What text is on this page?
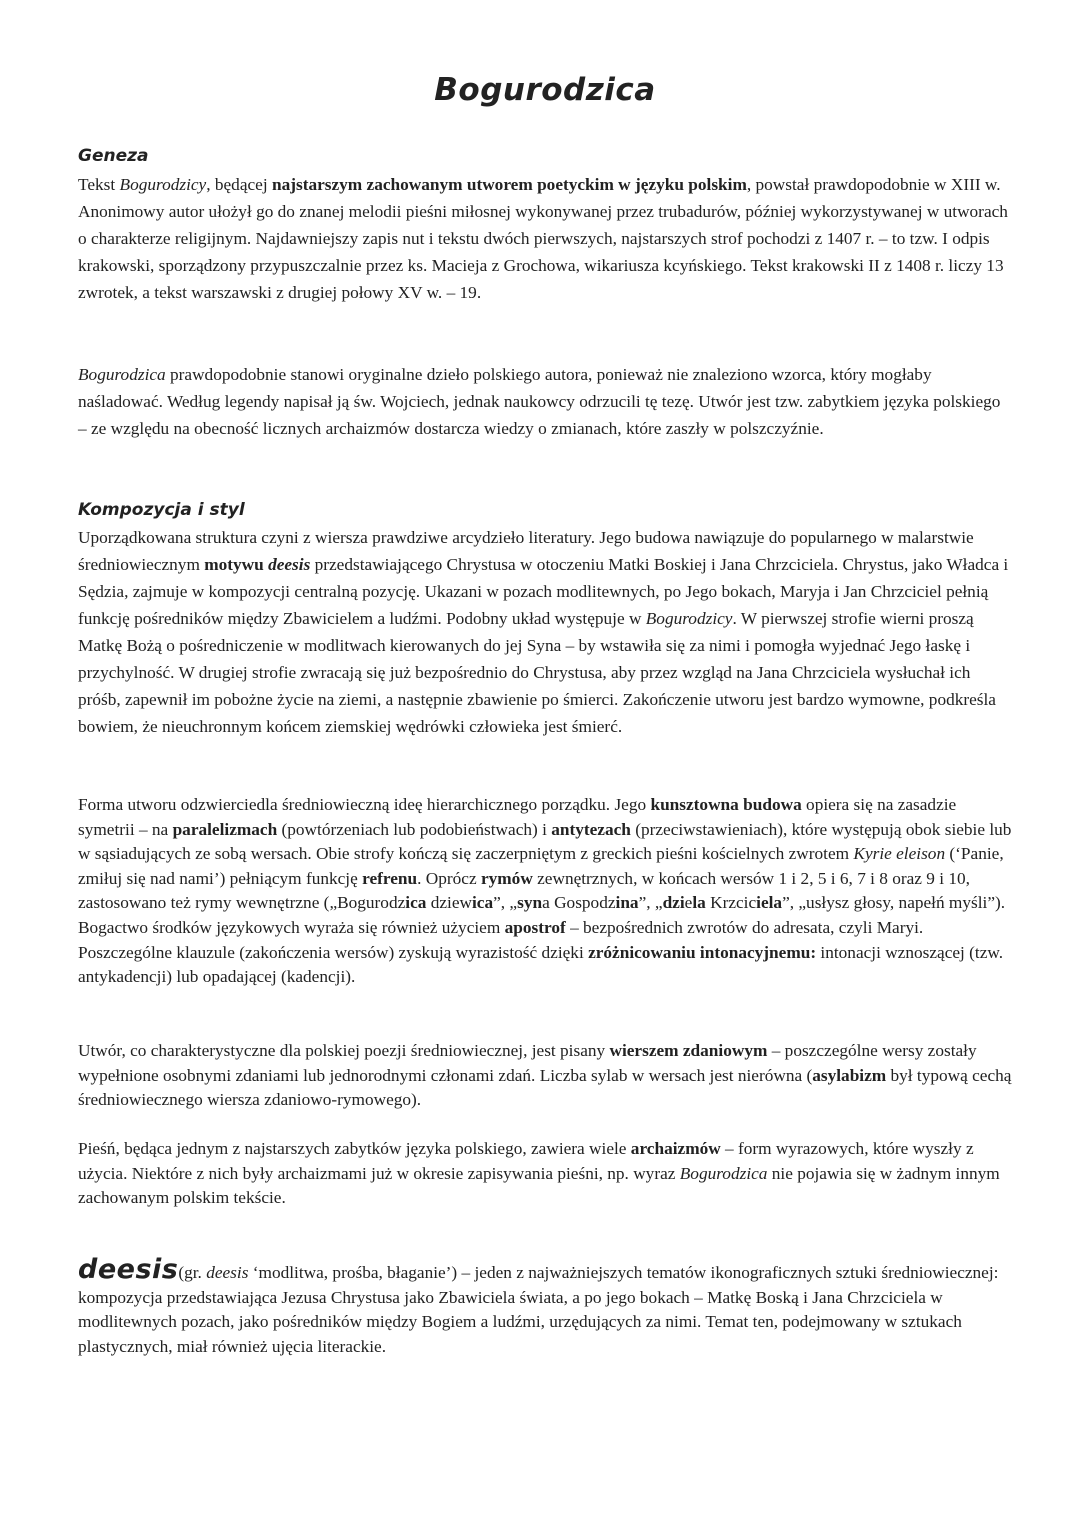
Bogurodzica
Geneza

Tekst Bogurodzicy, będącej najstarszym zachowanym utworem poetyckim w języku polskim, powstał prawdopodobnie w XIII w. Anonimowy autor ułożył go do znanej melodii pieśni miłosnej wykonywanej przez trubadurów, później wykorzystywanej w utworach o charakterze religijnym. Najdawniejszy zapis nut i tekstu dwóch pierwszych, najstarszych strof pochodzi z 1407 r. – to tzw. I odpis krakowski, sporządzony przypuszczalnie przez ks. Macieja z Grochowa, wikariusza kcyńskiego. Tekst krakowski II z 1408 r. liczy 13 zwrotek, a tekst warszawski z drugiej połowy XV w. – 19.

Bogurodzica prawdopodobnie stanowi oryginalne dzieło polskiego autora, ponieważ nie znaleziono wzorca, który mogłaby naśladować. Według legendy napisał ją św. Wojciech, jednak naukowcy odrzucili tę tezę. Utwór jest tzw. zabytkiem języka polskiego – ze względu na obecność licznych archaizmów dostarcza wiedzy o zmianach, które zaszły w polszczyźnie.

Kompozycja i styl

Uporządkowana struktura czyni z wiersza prawdziwe arcydzieło literatury. Jego budowa nawiązuje do popularnego w malarstwie średniowiecznym motywu deesis przedstawiającego Chrystusa w otoczeniu Matki Boskiej i Jana Chrzciciela. Chrystus, jako Władca i Sędzia, zajmuje w kompozycji centralną pozycję. Ukazani w pozach modlitewnych, po Jego bokach, Maryja i Jan Chrzciciel pełnią funkcję pośredników między Zbawicielem a ludźmi. Podobny układ występuje w Bogurodzicy. W pierwszej strofie wierni proszą Matkę Bożą o pośredniczenie w modlitwach kierowanych do jej Syna – by wstawiła się za nimi i pomogła wyjednać Jego łaskę i przychylność. W drugiej strofie zwracają się już bezpośrednio do Chrystusa, aby przez wzgląd na Jana Chrzciciela wysłuchał ich próśb, zapewnił im pobożne życie na ziemi, a następnie zbawienie po śmierci. Zakończenie utworu jest bardzo wymowne, podkreśla bowiem, że nieuchronnym końcem ziemskiej wędrówki człowieka jest śmierć.

Forma utworu odzwierciedla średniowieczną ideę hierarchicznego porządku. Jego kunsztowna budowa opiera się na zasadzie symetrii – na paralelizmach (powtórzeniach lub podobieństwach) i antytezach (przeciwstawieniach), które występują obok siebie lub w sąsiadujących ze sobą wersach. Obie strofy kończą się zaczerpniętym z greckich pieśni kościelnych zwrotem Kyrie eleison (‘Panie, zmiłuj się nad nami’) pełniącym funkcję refrenu. Oprócz rymów zewnętrznych, w końcach wersów 1 i 2, 5 i 6, 7 i 8 oraz 9 i 10, zastosowano też rymy wewnętrzne („Bogurodzica dziewica”, „syna Gospodzina”, „dziela Krzciciela”, „usłysz głosy, napełń myśli”). Bogactwo środków językowych wyraża się również użyciem apostrof – bezpośrednich zwrotów do adresata, czyli Maryi. Poszczególne klauzule (zakończenia wersów) zyskują wyrazistość dzięki zróżnicowaniu intonacyjnemu: intonacji wznoszącej (tzw. antykadencji) lub opadającej (kadencji).

Utwór, co charakterystyczne dla polskiej poezji średniowiecznej, jest pisany wierszem zdaniowym – poszczególne wersy zostały wypełnione osobnymi zdaniami lub jednorodnymi członami zdań. Liczba sylab w wersach jest nierówna (asylabizm był typową cechą średniowiecznego wiersza zdaniowo-rymowego).

Pieśń, będąca jednym z najstarszych zabytków języka polskiego, zawiera wiele archaizmów – form wyrazowych, które wyszły z użycia. Niektóre z nich były archaizmami już w okresie zapisywania pieśni, np. wyraz Bogurodzica nie pojawia się w żadnym innym zachowanym polskim tekście.

deesis(gr. deesis ‘modlitwa, prośba, błaganie’) – jeden z najważniejszych tematów ikonograficznych sztuki średniowiecznej: kompozycja przedstawiająca Jezusa Chrystusa jako Zbawiciela świata, a po jego bokach – Matkę Boską i Jana Chrzciciela w modlitewnych pozach, jako pośredników między Bogiem a ludźmi, urzędujących za nimi. Temat ten, podejmowany w sztukach plastycznych, miał również ujęcia literackie.
